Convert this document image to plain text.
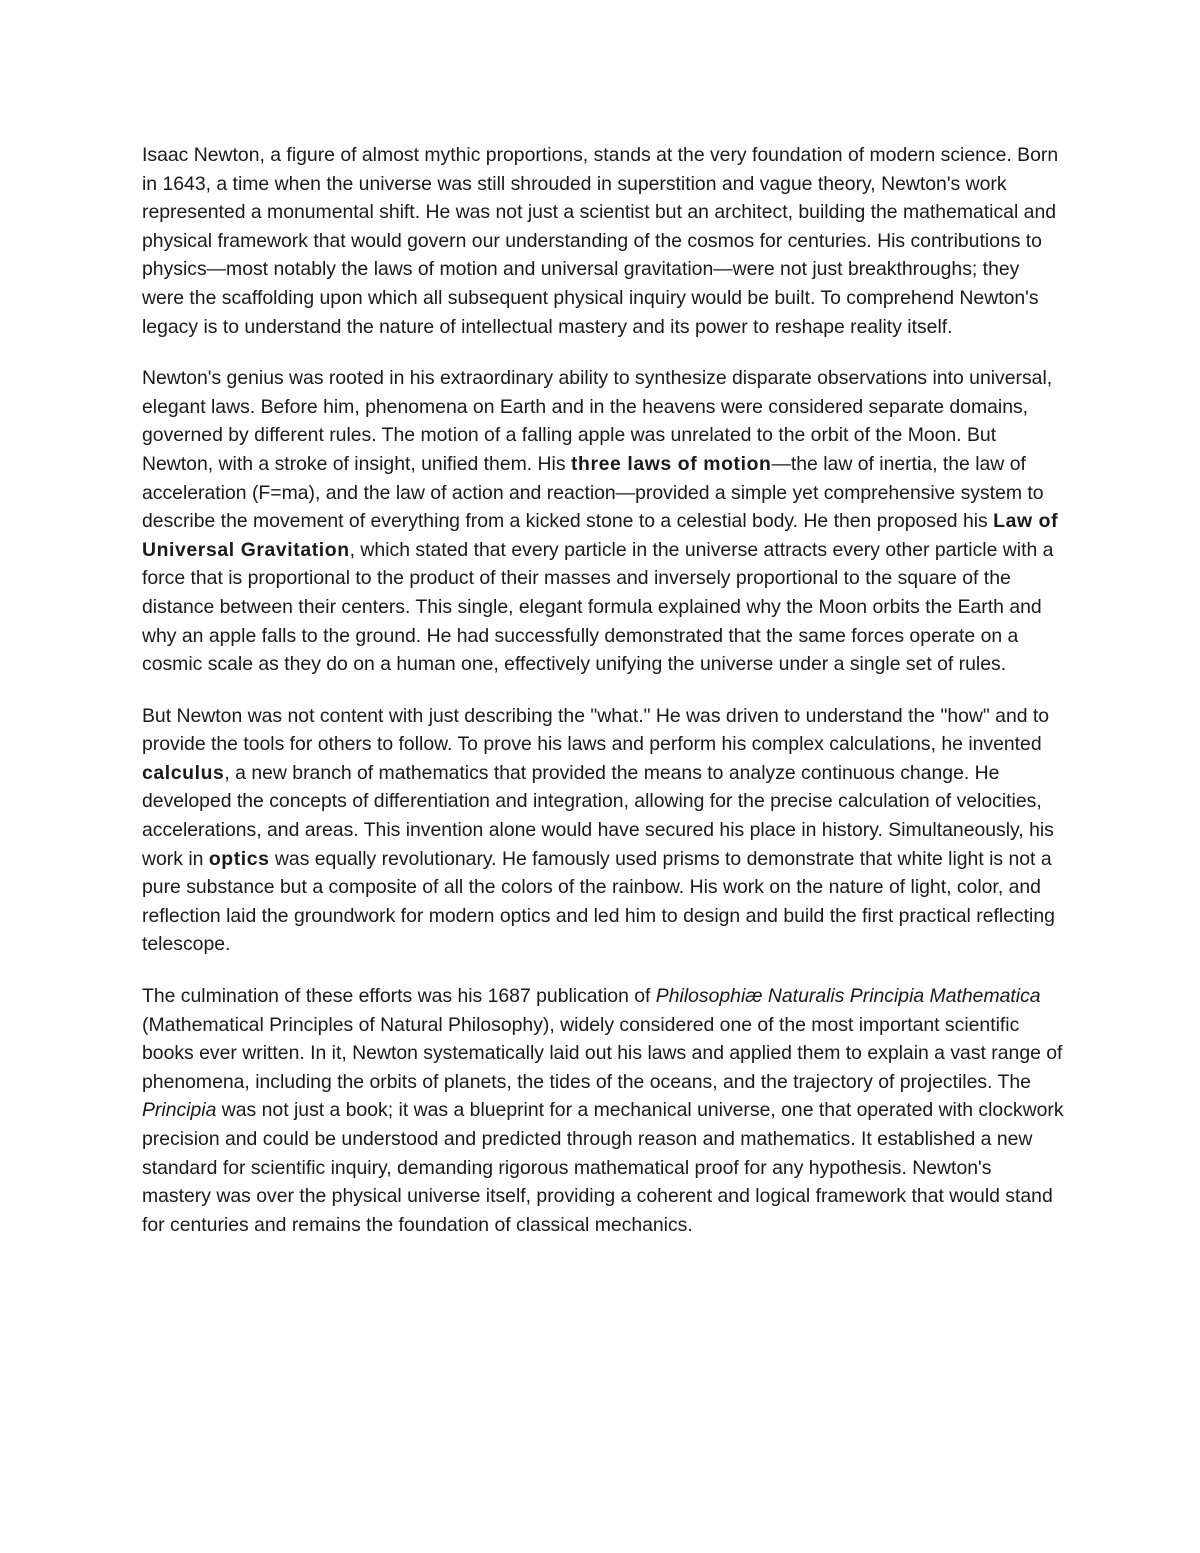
Isaac Newton, a figure of almost mythic proportions, stands at the very foundation of modern science. Born in 1643, a time when the universe was still shrouded in superstition and vague theory, Newton's work represented a monumental shift. He was not just a scientist but an architect, building the mathematical and physical framework that would govern our understanding of the cosmos for centuries. His contributions to physics—most notably the laws of motion and universal gravitation—were not just breakthroughs; they were the scaffolding upon which all subsequent physical inquiry would be built. To comprehend Newton's legacy is to understand the nature of intellectual mastery and its power to reshape reality itself.

Newton's genius was rooted in his extraordinary ability to synthesize disparate observations into universal, elegant laws. Before him, phenomena on Earth and in the heavens were considered separate domains, governed by different rules. The motion of a falling apple was unrelated to the orbit of the Moon. But Newton, with a stroke of insight, unified them. His three laws of motion—the law of inertia, the law of acceleration (F=ma), and the law of action and reaction—provided a simple yet comprehensive system to describe the movement of everything from a kicked stone to a celestial body. He then proposed his Law of Universal Gravitation, which stated that every particle in the universe attracts every other particle with a force that is proportional to the product of their masses and inversely proportional to the square of the distance between their centers. This single, elegant formula explained why the Moon orbits the Earth and why an apple falls to the ground. He had successfully demonstrated that the same forces operate on a cosmic scale as they do on a human one, effectively unifying the universe under a single set of rules.

But Newton was not content with just describing the "what." He was driven to understand the "how" and to provide the tools for others to follow. To prove his laws and perform his complex calculations, he invented calculus, a new branch of mathematics that provided the means to analyze continuous change. He developed the concepts of differentiation and integration, allowing for the precise calculation of velocities, accelerations, and areas. This invention alone would have secured his place in history. Simultaneously, his work in optics was equally revolutionary. He famously used prisms to demonstrate that white light is not a pure substance but a composite of all the colors of the rainbow. His work on the nature of light, color, and reflection laid the groundwork for modern optics and led him to design and build the first practical reflecting telescope.

The culmination of these efforts was his 1687 publication of Philosophiæ Naturalis Principia Mathematica (Mathematical Principles of Natural Philosophy), widely considered one of the most important scientific books ever written. In it, Newton systematically laid out his laws and applied them to explain a vast range of phenomena, including the orbits of planets, the tides of the oceans, and the trajectory of projectiles. The Principia was not just a book; it was a blueprint for a mechanical universe, one that operated with clockwork precision and could be understood and predicted through reason and mathematics. It established a new standard for scientific inquiry, demanding rigorous mathematical proof for any hypothesis. Newton's mastery was over the physical universe itself, providing a coherent and logical framework that would stand for centuries and remains the foundation of classical mechanics.
